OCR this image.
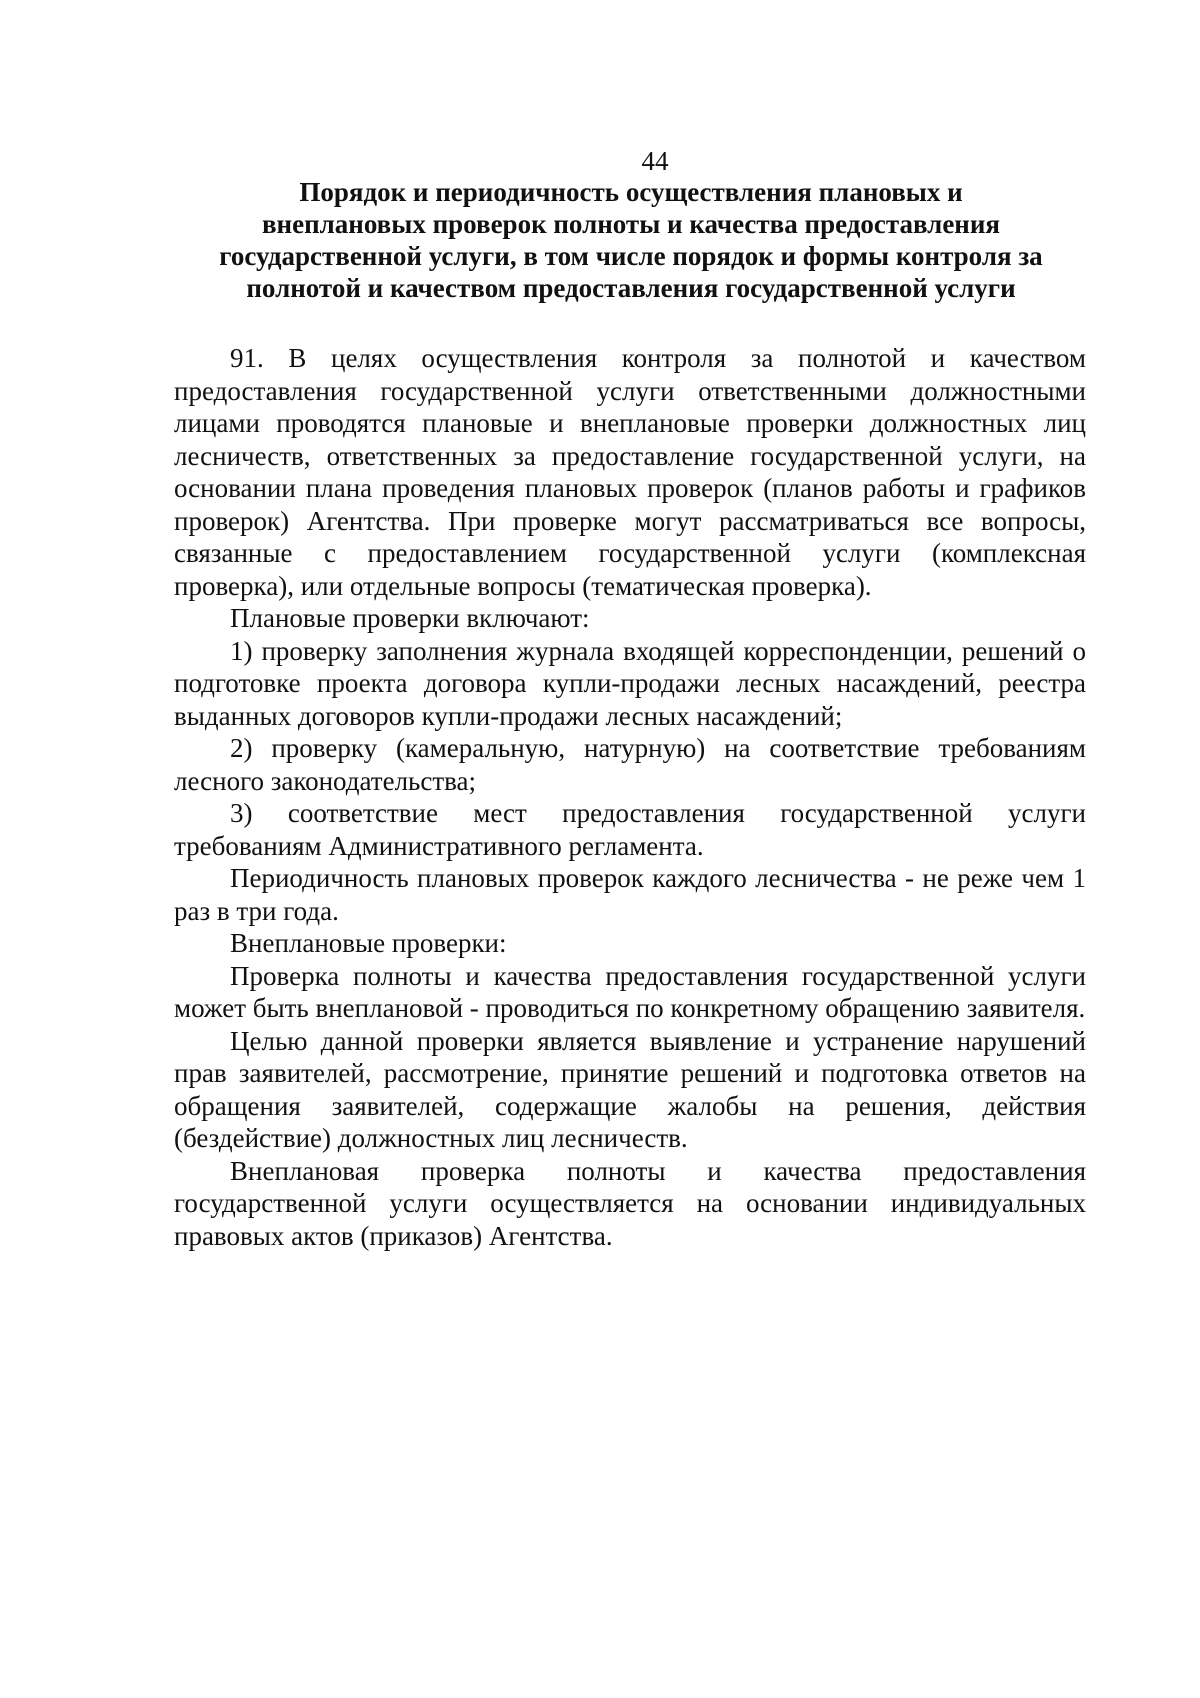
44
Порядок и периодичность осуществления плановых и
внеплановых проверок полноты и качества предоставления
государственной услуги, в том числе порядок и формы контроля за
полнотой и качеством предоставления государственной услуги

91. В целях осуществления контроля за полнотой и качеством предоставления государственной услуги ответственными должностными лицами проводятся плановые и внеплановые проверки должностных лиц лесничеств, ответственных за предоставление государственной услуги, на основании плана проведения плановых проверок (планов работы и графиков проверок) Агентства. При проверке могут рассматриваться все вопросы, связанные с предоставлением государственной услуги (комплексная проверка), или отдельные вопросы (тематическая проверка).

Плановые проверки включают:

1) проверку заполнения журнала входящей корреспонденции, решений о подготовке проекта договора купли-продажи лесных насаждений, реестра выданных договоров купли-продажи лесных насаждений;

2) проверку (камеральную, натурную) на соответствие требованиям лесного законодательства;

3) соответствие мест предоставления государственной услуги требованиям Административного регламента.

Периодичность плановых проверок каждого лесничества - не реже чем 1 раз в три года.

Внеплановые проверки:

Проверка полноты и качества предоставления государственной услуги может быть внеплановой - проводиться по конкретному обращению заявителя.

Целью данной проверки является выявление и устранение нарушений прав заявителей, рассмотрение, принятие решений и подготовка ответов на обращения заявителей, содержащие жалобы на решения, действия (бездействие) должностных лиц лесничеств.

Внеплановая проверка полноты и качества предоставления государственной услуги осуществляется на основании индивидуальных правовых актов (приказов) Агентства.
